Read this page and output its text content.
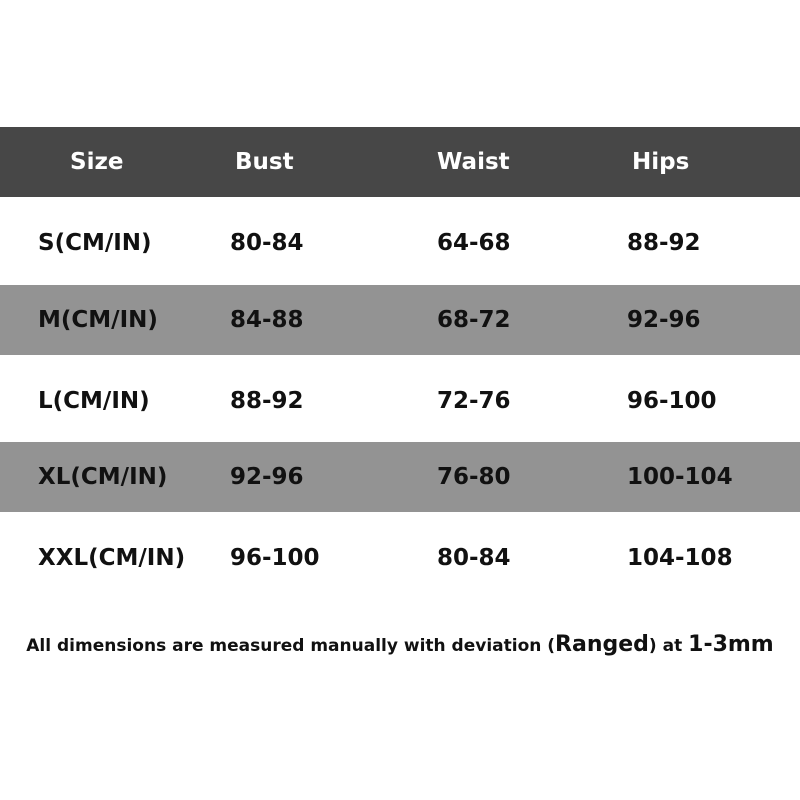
Size	Bust	Waist	Hips
S(CM/IN)	80-84	64-68	88-92
M(CM/IN)	84-88	68-72	92-96
L(CM/IN)	88-92	72-76	96-100
XL(CM/IN)	92-96	76-80	100-104
XXL(CM/IN) 96-100	80-84	104-108
All dimensions are measured manually with deviation (Ranged) at 1-3mm
